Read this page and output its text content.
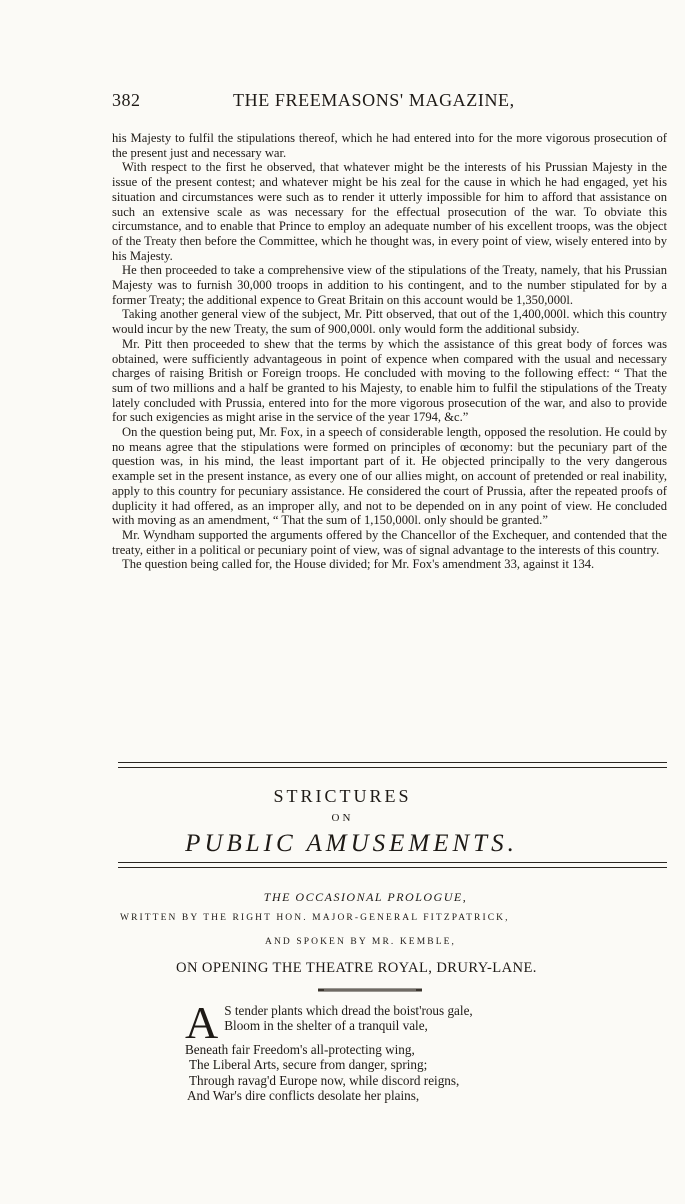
382	THE FREEMASONS' MAGAZINE,

his Majesty to fulfil the stipulations thereof, which he had entered into for the more vigorous prosecution of the present just and necessary war.

With respect to the first he observed, that whatever might be the interests of his Prussian Majesty in the issue of the present contest; and whatever might be his zeal for the cause in which he had engaged, yet his situation and circumstances were such as to render it utterly impossible for him to afford that assistance on such an extensive scale as was necessary for the effectual prosecution of the war. To obviate this circumstance, and to enable that Prince to employ an adequate number of his excellent troops, was the object of the Treaty then before the Committee, which he thought was, in every point of view, wisely entered into by his Majesty.

He then proceeded to take a comprehensive view of the stipulations of the Treaty, namely, that his Prussian Majesty was to furnish 30,000 troops in addition to his contingent, and to the number stipulated for by a former Treaty; the additional expence to Great Britain on this account would be 1,350,000l.

Taking another general view of the subject, Mr. Pitt observed, that out of the 1,400,000l. which this country would incur by the new Treaty, the sum of 900,000l. only would form the additional subsidy.

Mr. Pitt then proceeded to shew that the terms by which the assistance of this great body of forces was obtained, were sufficiently advantageous in point of expence when compared with the usual and necessary charges of raising British or Foreign troops. He concluded with moving to the following effect: “ That the sum of two millions and a half be granted to his Majesty, to enable him to fulfil the stipulations of the Treaty lately concluded with Prussia, entered into for the more vigorous prosecution of the war, and also to provide for such exigencies as might arise in the service of the year 1794, &c.”

On the question being put, Mr. Fox, in a speech of considerable length, opposed the resolution. He could by no means agree that the stipulations were formed on principles of œconomy: but the pecuniary part of the question was, in his mind, the least important part of it. He objected principally to the very dangerous example set in the present instance, as every one of our allies might, on account of pretended or real inability, apply to this country for pecuniary assistance. He considered the court of Prussia, after the repeated proofs of duplicity it had offered, as an improper ally, and not to be depended on in any point of view. He concluded with moving as an amendment, “ That the sum of 1,150,000l. only should be granted.”

Mr. Wyndham supported the arguments offered by the Chancellor of the Exchequer, and contended that the treaty, either in a political or pecuniary point of view, was of signal advantage to the interests of this country.

The question being called for, the House divided; for Mr. Fox's amendment 33, against it 134.

STRICTURES
ON
PUBLIC AMUSEMENTS.
THE OCCASIONAL PROLOGUE,
WRITTEN BY THE RIGHT HON. MAJOR-GENERAL FITZPATRICK,
AND SPOKEN BY MR. KEMBLE,
ON OPENING THE THEATRE ROYAL, DRURY-LANE.
A S tender plants which dread the boist'rous gale,
Bloom in the shelter of a tranquil vale,
Beneath fair Freedom's all-protecting wing,
The Liberal Arts, secure from danger, spring;
Through ravag'd Europe now, while discord reigns,
And War's dire conflicts desolate her plains,
